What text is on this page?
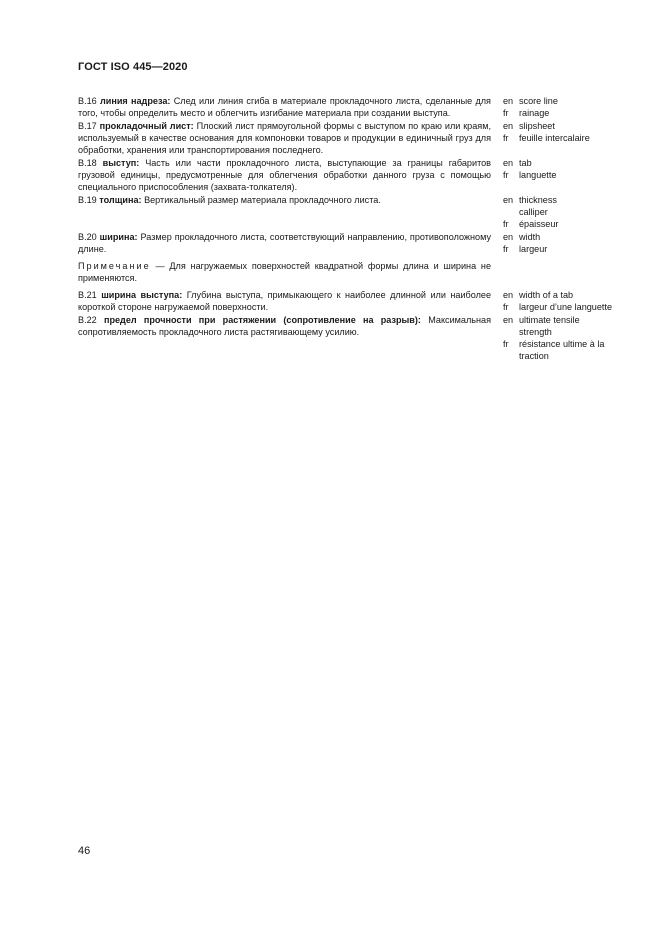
ГОСТ ISO 445—2020
B.16 линия надреза: След или линия сгиба в материале прокладочного листа, сделанные для того, чтобы определить место и облегчить изгибание материала при создании выступа.
en score line
fr	rainage
B.17 прокладочный лист: Плоский лист прямоугольной формы с выступом по краю или краям, используемый в качестве основания для компоновки товаров и продукции в единичный груз для обработки, хранения или транспортирования последнего.
en slipsheet
fr	feuille intercalaire
B.18 выступ: Часть или части прокладочного листа, выступающие за границы габаритов грузовой единицы, предусмотренные для облегчения обработки данного груза с помощью специального приспособления (захвата-толкателя).
en tab
fr	languette
B.19 толщина: Вертикальный размер материала прокладочного листа.	en thickness
calliper
fr	épaisseur
B.20 ширина: Размер прокладочного листа, соответствующий направлению, противоположному длине.
en width
fr	largeur
Примечание — Для нагружаемых поверхностей квадратной формы длина и ширина не применяются.
B.21 ширина выступа: Глубина выступа, примыкающего к наиболее длинной или наиболее короткой стороне нагружаемой поверхности.
en width of a tab
fr	largeur d’une languette
B.22 предел прочности при растяжении (сопротивление на разрыв): Максимальная сопротивляемость прокладочного листа растягивающему усилию.
en ultimate tensile strength
fr	résistance ultime à la traction
46
